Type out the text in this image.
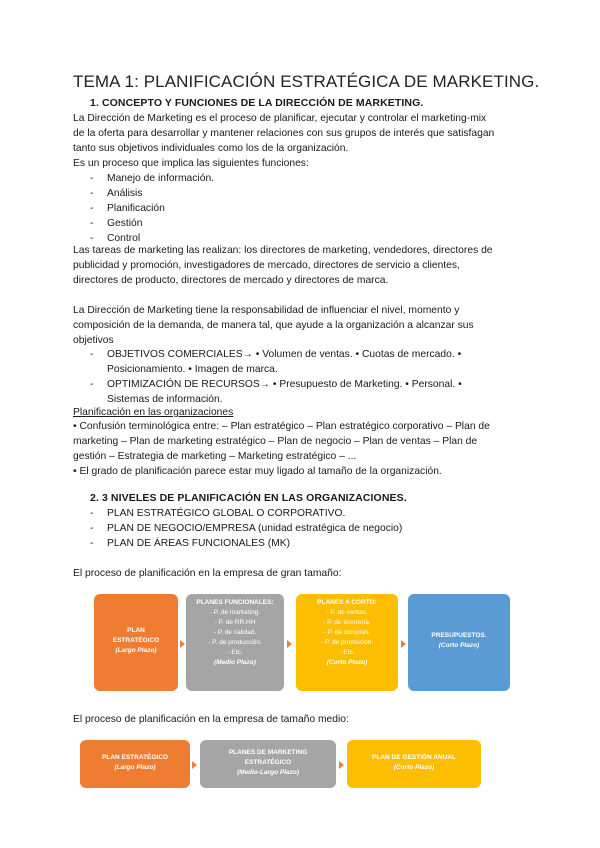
TEMA 1: PLANIFICACIÓN ESTRATÉGICA DE MARKETING.
1. CONCEPTO Y FUNCIONES DE LA DIRECCIÓN DE MARKETING.
La Dirección de Marketing es el proceso de planificar, ejecutar y controlar el marketing-mix
de la oferta para desarrollar y mantener relaciones con sus grupos de interés que satisfagan
tanto sus objetivos individuales como los de la organización.
Es un proceso que implica las siguientes funciones:
- Manejo de información.
- Análisis
- Planificación
- Gestión
- Control
Las tareas de marketing las realizan: los directores de marketing, vendedores, directores de
publicidad y promoción, investigadores de mercado, directores de servicio a clientes,
directores de producto, directores de mercado y directores de marca.
La Dirección de Marketing tiene la responsabilidad de influenciar el nivel, momento y
composición de la demanda, de manera tal, que ayude a la organización a alcanzar sus
objetivos
- OBJETIVOS COMERCIALES→ • Volumen de ventas. • Cuotas de mercado. •
Posicionamiento. • Imagen de marca.
- OPTIMIZACIÓN DE RECURSOS→ • Presupuesto de Marketing. • Personal. •
Sistemas de información.
Planificación en las organizaciones
• Confusión terminológica entre: – Plan estratégico – Plan estratégico corporativo – Plan de
marketing – Plan de marketing estratégico – Plan de negocio – Plan de ventas – Plan de
gestión – Estrategia de marketing – Marketing estratégico – ...
• El grado de planificación parece estar muy ligado al tamaño de la organización.
2. 3 NIVELES DE PLANIFICACIÓN EN LAS ORGANIZACIONES.
- PLAN ESTRATÉGICO GLOBAL O CORPORATIVO.
- PLAN DE NEGOCIO/EMPRESA (unidad estratégica de negocio)
- PLAN DE ÁREAS FUNCIONALES (MK)
El proceso de planificación en la empresa de gran tamaño:
PLAN
ESTRATÉGICO
(Largo Plazo)
PLANES FUNCIONALES:
- P. de marketing.
- P. de RR.HH
- P. de calidad.
- P. de producción.
- Etc.
(Medio Plazo)
PLANES A CORTO:
- P. de ventas.
- P. de tesorería.
- P. de compras.
- P. de promoción.
- Etc.
(Corto Plazo)
PRESUPUESTOS.
(Corto Plazo)
El proceso de planificación en la empresa de tamaño medio:
PLAN ESTRATÉGICO
(Largo Plazo)
PLANES DE MARKETING
ESTRATÉGICO
(Medio-Largo Plazo)
PLAN DE GESTIÓN ANUAL
(Corto Plazo)
